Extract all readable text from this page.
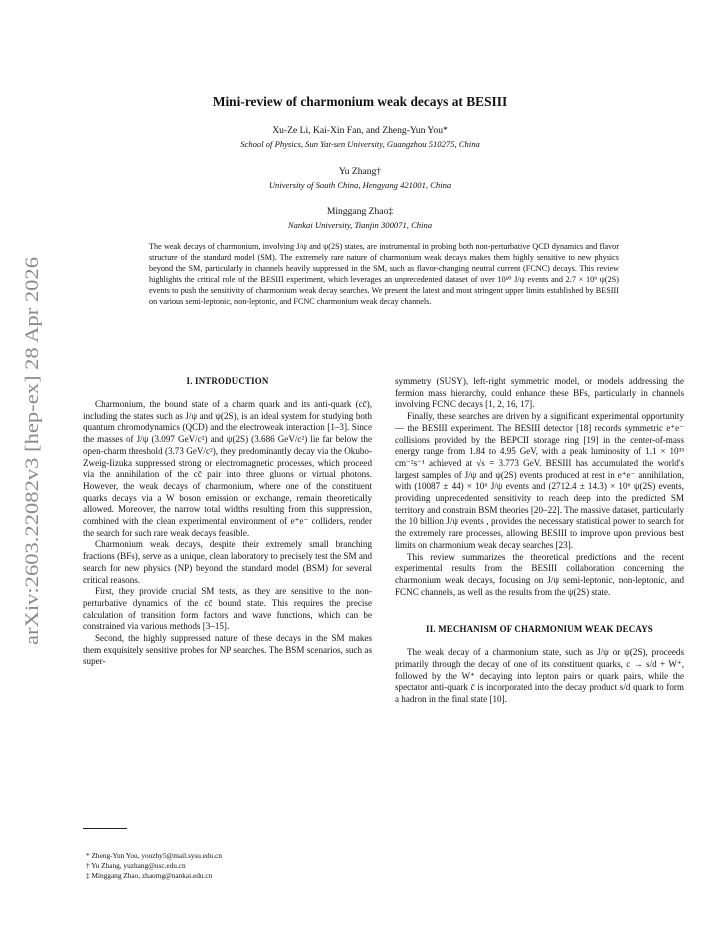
arXiv:2603.22082v3 [hep-ex] 28 Apr 2026
Mini-review of charmonium weak decays at BESIII
Xu-Ze Li, Kai-Xin Fan, and Zheng-Yun You*
School of Physics, Sun Yat-sen University, Guangzhou 510275, China
Yu Zhang†
University of South China, Hengyang 421001, China
Minggang Zhao‡
Nankai University, Tianjin 300071, China
The weak decays of charmonium, involving J/ψ and ψ(2S) states, are instrumental in probing both non-perturbative QCD dynamics and flavor structure of the standard model (SM). The extremely rare nature of charmonium weak decays makes them highly sensitive to new physics beyond the SM, particularly in channels heavily suppressed in the SM, such as flavor-changing neutral current (FCNC) decays. This review highlights the critical role of the BESIII experiment, which leverages an unprecedented dataset of over 10¹⁰ J/ψ events and 2.7 × 10⁹ ψ(2S) events to push the sensitivity of charmonium weak decay searches. We present the latest and most stringent upper limits established by BESIII on various semi-leptonic, non-leptonic, and FCNC charmonium weak decay channels.
I. INTRODUCTION

Charmonium, the bound state of a charm quark and its anti-quark (cc̄), including the states such as J/ψ and ψ(2S), is an ideal system for studying both quantum chromodynamics (QCD) and the electroweak interaction [1–3]. Since the masses of J/ψ (3.097 GeV/c²) and ψ(2S) (3.686 GeV/c²) lie far below the open-charm threshold (3.73 GeV/c²), they predominantly decay via the Okubo-Zweig-Iizuka suppressed strong or electromagnetic processes, which proceed via the annihilation of the cc̄ pair into three gluons or virtual photons. However, the weak decays of charmonium, where one of the constituent quarks decays via a W boson emission or exchange, remain theoretically allowed. Moreover, the narrow total widths resulting from this suppression, combined with the clean experimental environment of e⁺e⁻ colliders, render the search for such rare weak decays feasible.

Charmonium weak decays, despite their extremely small branching fractions (BFs), serve as a unique, clean laboratory to precisely test the SM and search for new physics (NP) beyond the standard model (BSM) for several critical reasons.

First, they provide crucial SM tests, as they are sensitive to the non-perturbative dynamics of the cc̄ bound state. This requires the precise calculation of transition form factors and wave functions, which can be constrained via various methods [3–15].

Second, the highly suppressed nature of these decays in the SM makes them exquisitely sensitive probes for NP searches. The BSM scenarios, such as super-

symmetry (SUSY), left-right symmetric model, or models addressing the fermion mass hierarchy, could enhance these BFs, particularly in channels involving FCNC decays [1, 2, 16, 17].

Finally, these searches are driven by a significant experimental opportunity — the BESIII experiment. The BESIII detector [18] records symmetric e⁺e⁻ collisions provided by the BEPCII storage ring [19] in the center-of-mass energy range from 1.84 to 4.95 GeV, with a peak luminosity of 1.1 × 10³³ cm⁻²s⁻¹ achieved at √s = 3.773 GeV. BESIII has accumulated the world's largest samples of J/ψ and ψ(2S) events produced at rest in e⁺e⁻ annihilation, with (10087 ± 44) × 10⁶ J/ψ events and (2712.4 ± 14.3) × 10⁶ ψ(2S) events, providing unprecedented sensitivity to reach deep into the predicted SM territory and constrain BSM theories [20–22]. The massive dataset, particularly the 10 billion J/ψ events , provides the necessary statistical power to search for the extremely rare processes, allowing BESIII to improve upon previous best limits on charmonium weak decay searches [23].

This review summarizes the theoretical predictions and the recent experimental results from the BESIII collaboration concerning the charmonium weak decays, focusing on J/ψ semi-leptonic, non-leptonic, and FCNC channels, as well as the results from the ψ(2S) state.

II. MECHANISM OF CHARMONIUM WEAK DECAYS

The weak decay of a charmonium state, such as J/ψ or ψ(2S), proceeds primarily through the decay of one of its constituent quarks, c → s/d + W⁺, followed by the W⁺ decaying into lepton pairs or quark pairs, while the spectator anti-quark c̄ is incorporated into the decay product s/d quark to form a hadron in the final state [10].

* Zheng-Yun You, youzhy5@mail.sysu.edu.cn
† Yu Zhang, yuzhang@usc.edu.cn
‡ Minggang Zhao, zhaomg@nankai.edu.cn
